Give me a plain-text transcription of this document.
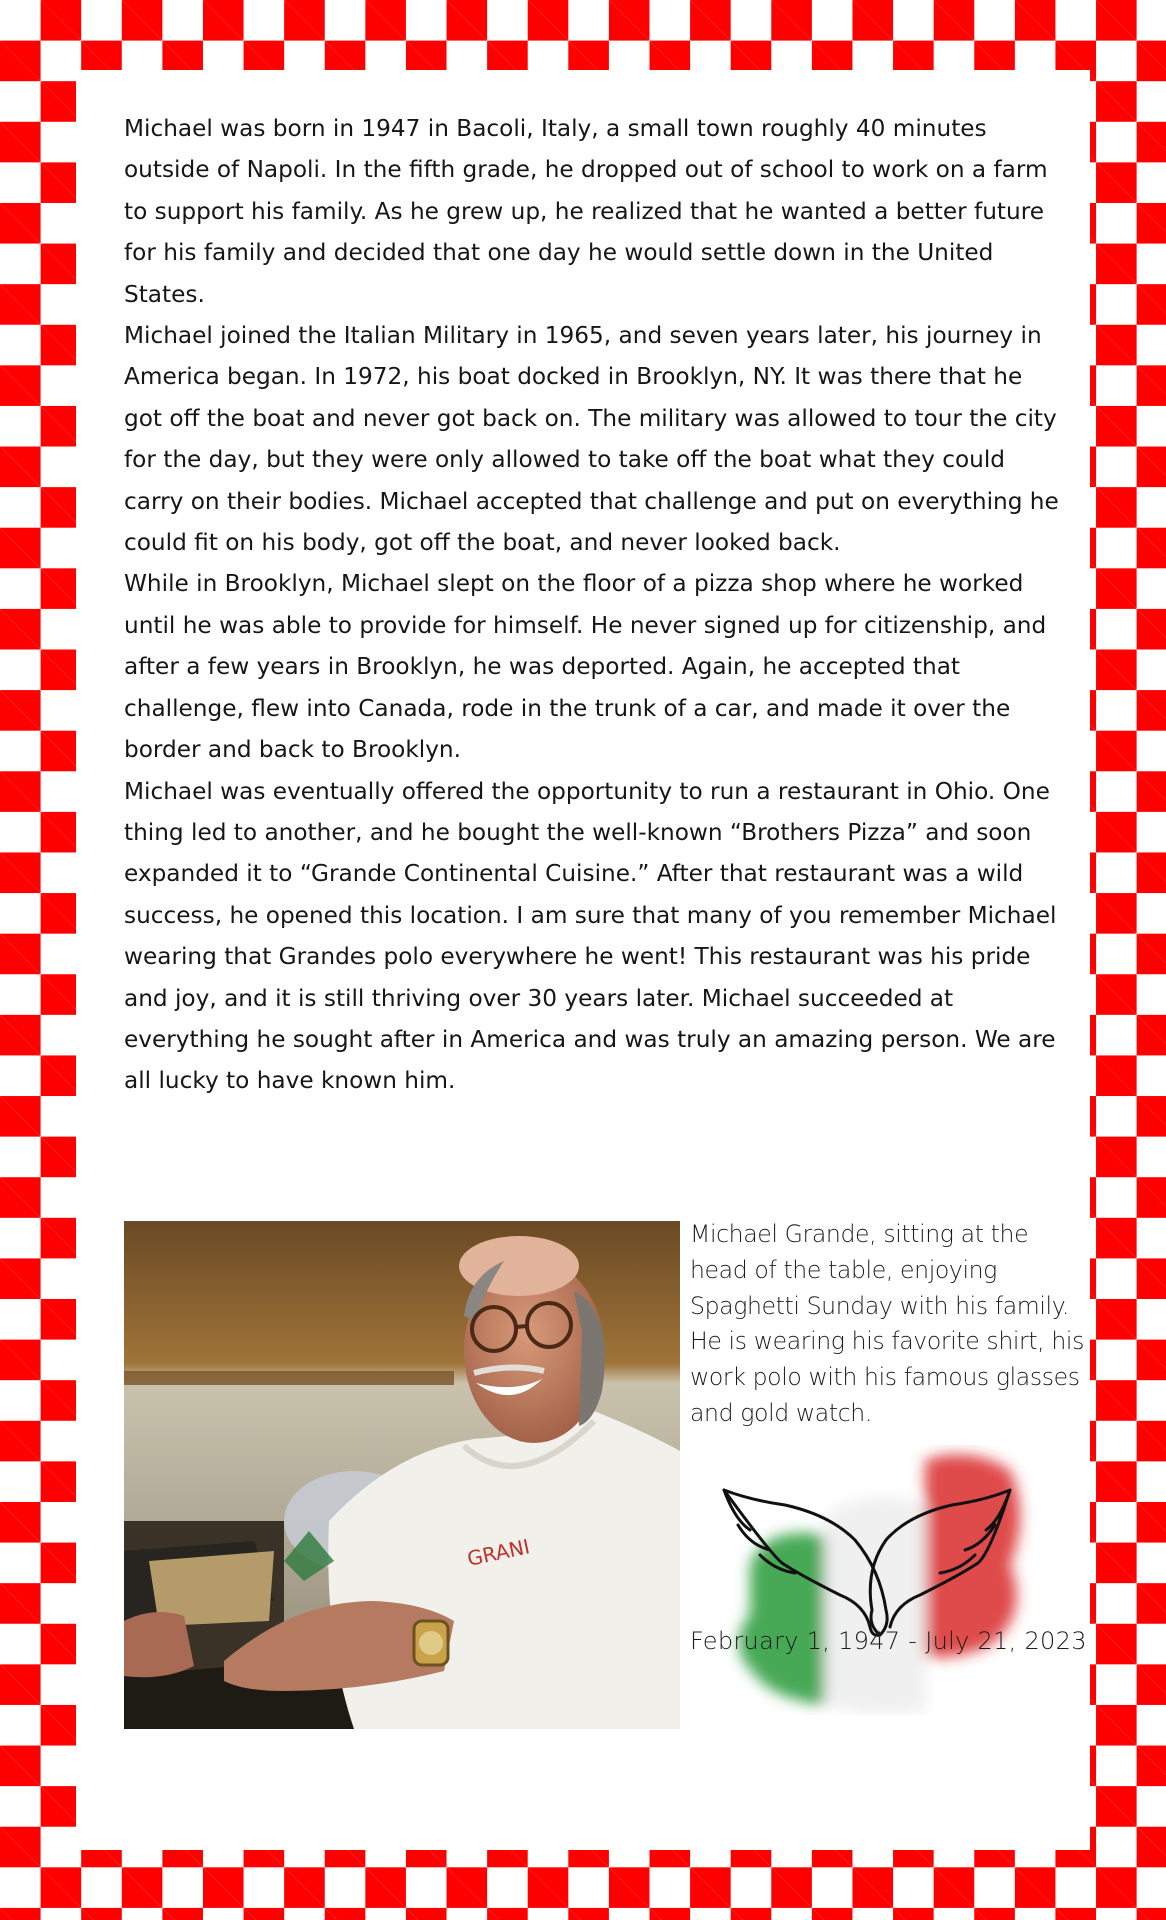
Michael was born in 1947 in Bacoli, Italy, a small town roughly 40 minutes outside of Napoli. In the fifth grade, he dropped out of school to work on a farm to support his family. As he grew up, he realized that he wanted a better future for his family and decided that one day he would settle down in the United States.

Michael joined the Italian Military in 1965, and seven years later, his journey in America began. In 1972, his boat docked in Brooklyn, NY. It was there that he got off the boat and never got back on. The military was allowed to tour the city for the day, but they were only allowed to take off the boat what they could carry on their bodies. Michael accepted that challenge and put on everything he could fit on his body, got off the boat, and never looked back.

While in Brooklyn, Michael slept on the floor of a pizza shop where he worked until he was able to provide for himself. He never signed up for citizenship, and after a few years in Brooklyn, he was deported. Again, he accepted that challenge, flew into Canada, rode in the trunk of a car, and made it over the border and back to Brooklyn.

Michael was eventually offered the opportunity to run a restaurant in Ohio. One thing led to another, and he bought the well-known “Brothers Pizza” and soon expanded it to “Grande Continental Cuisine.” After that restaurant was a wild success, he opened this location. I am sure that many of you remember Michael wearing that Grandes polo everywhere he went! This restaurant was his pride and joy, and it is still thriving over 30 years later. Michael succeeded at everything he sought after in America and was truly an amazing person. We are all lucky to have known him.

GRANI
Michael Grande, sitting at the head of the table, enjoying Spaghetti Sunday with his family. He is wearing his favorite shirt, his work polo with his famous glasses and gold watch.
February 1, 1947 - July 21, 2023
